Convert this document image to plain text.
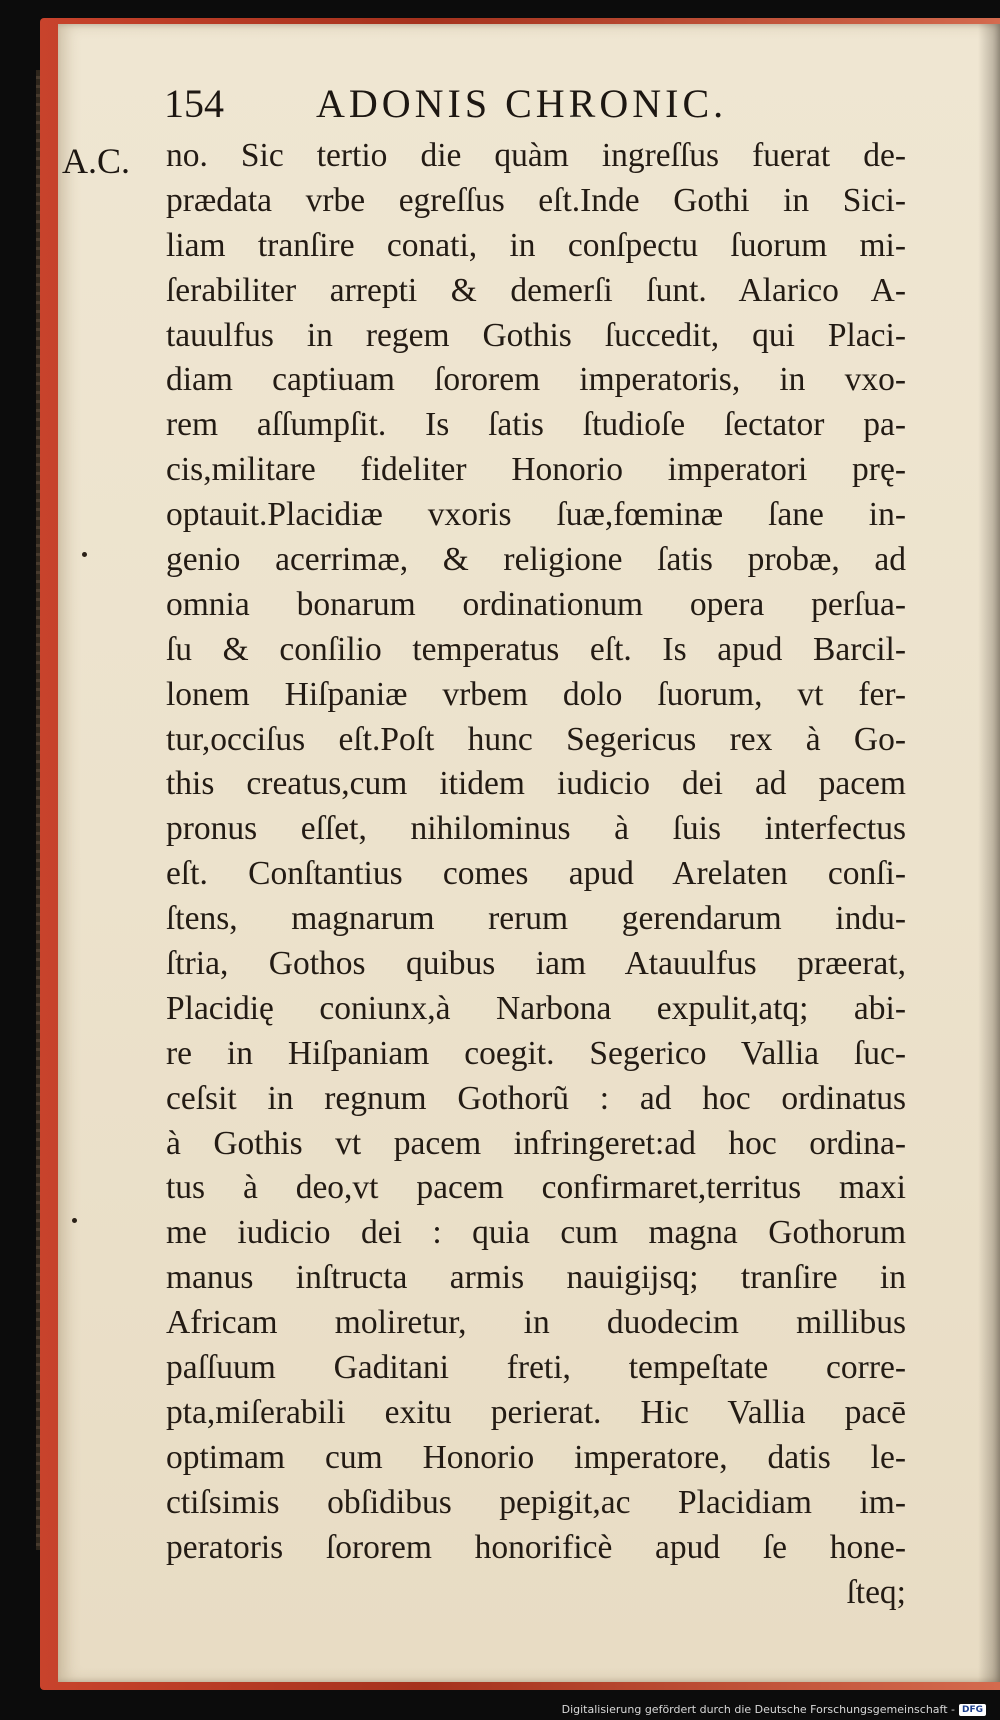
154 ADONIS CHRONIC.
A.C. no. Sic tertio die quàm ingreſſus fuerat de-
prædata vrbe egreſſus eſt.Inde Gothi in Sici-
liam tranſire conati, in conſpectu ſuorum mi-
ſerabiliter arrepti & demerſi ſunt. Alarico A-
tauulfus in regem Gothis ſuccedit, qui Placi-
diam captiuam ſororem imperatoris, in vxo-
rem aſſumpſit. Is ſatis ſtudioſe ſectator pa-
cis,militare fideliter Honorio imperatori prę-
optauit.Placidiæ vxoris ſuæ,fœminæ ſane in-
genio acerrimæ, & religione ſatis probæ, ad
omnia bonarum ordinationum opera perſua-
ſu & conſilio temperatus eſt. Is apud Barcil-
lonem Hiſpaniæ vrbem dolo ſuorum, vt fer-
tur,occiſus eſt.Poſt hunc Segericus rex à Go-
this creatus,cum itidem iudicio dei ad pacem
pronus eſſet, nihilominus à ſuis interfectus
eſt. Conſtantius comes apud Arelaten conſi-
ſtens, magnarum rerum gerendarum indu-
ſtria, Gothos quibus iam Atauulfus præerat,
Placidię coniunx,à Narbona expulit,atq; abi-
re in Hiſpaniam coegit. Segerico Vallia ſuc-
ceſsit in regnum Gothorũ : ad hoc ordinatus
à Gothis vt pacem infringeret:ad hoc ordina-
tus à deo,vt pacem confirmaret,territus maxi
me iudicio dei : quia cum magna Gothorum
manus inſtructa armis nauigijsq; tranſire in
Africam moliretur, in duodecim millibus
paſſuum Gaditani freti, tempeſtate corre-
pta,miſerabili exitu perierat. Hic Vallia pacē
optimam cum Honorio imperatore, datis le-
ctiſsimis obſidibus pepigit,ac Placidiam im-
peratoris ſororem honorificè apud ſe hone-
ſteq;
Digitalisierung gefördert durch die Deutsche Forschungsgemeinschaft - DFG
